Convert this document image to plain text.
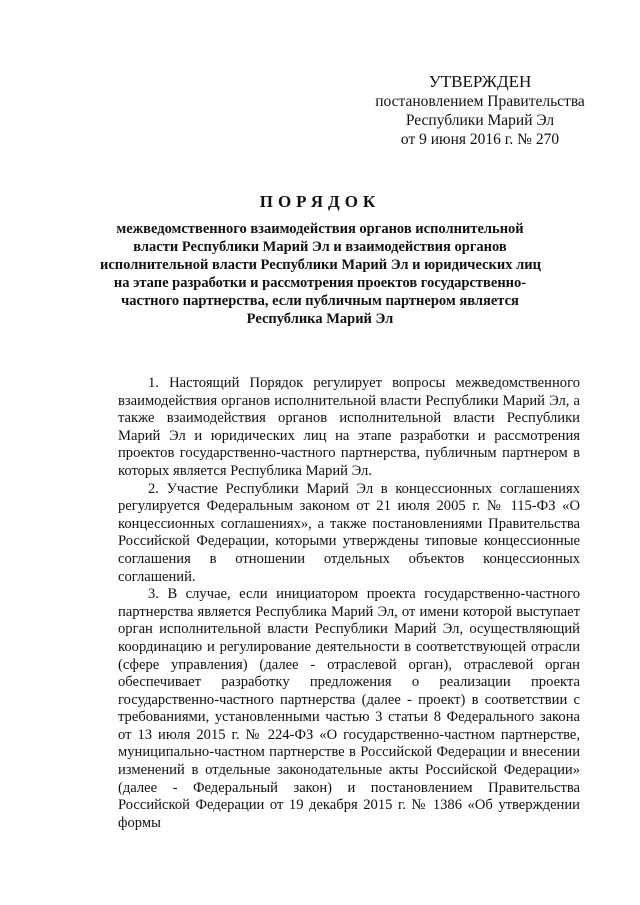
УТВЕРЖДЕН
постановлением Правительства
Республики Марий Эл
от 9 июня 2016 г. № 270
ПОРЯДОК
межведомственного взаимодействия органов исполнительной
власти Республики Марий Эл и взаимодействия органов
исполнительной власти Республики Марий Эл и юридических лиц
на этапе разработки и рассмотрения проектов государственно-
частного партнерства, если публичным партнером является
Республика Марий Эл

1. Настоящий Порядок регулирует вопросы межведомственного взаимодействия органов исполнительной власти Республики Марий Эл, а также взаимодействия органов исполнительной власти Республики Марий Эл и юридических лиц на этапе разработки и рассмотрения проектов государственно-частного партнерства, публичным партнером в которых является Республика Марий Эл.

2. Участие Республики Марий Эл в концессионных соглашениях регулируется Федеральным законом от 21 июля 2005 г. № 115-ФЗ «О концессионных соглашениях», а также постановлениями Правительства Российской Федерации, которыми утверждены типовые концессионные соглашения в отношении отдельных объектов концессионных соглашений.

3. В случае, если инициатором проекта государственно-частного партнерства является Республика Марий Эл, от имени которой выступает орган исполнительной власти Республики Марий Эл, осуществляющий координацию и регулирование деятельности в соответствующей отрасли (сфере управления) (далее - отраслевой орган), отраслевой орган обеспечивает разработку предложения о реализации проекта государственно-частного партнерства (далее - проект) в соответствии с требованиями, установленными частью 3 статьи 8 Федерального закона от 13 июля 2015 г. № 224-ФЗ «О государственно-частном партнерстве, муниципально-частном партнерстве в Российской Федерации и внесении изменений в отдельные законодательные акты Российской Федерации» (далее - Федеральный закон) и постановлением Правительства Российской Федерации от 19 декабря 2015 г. № 1386 «Об утверждении формы
